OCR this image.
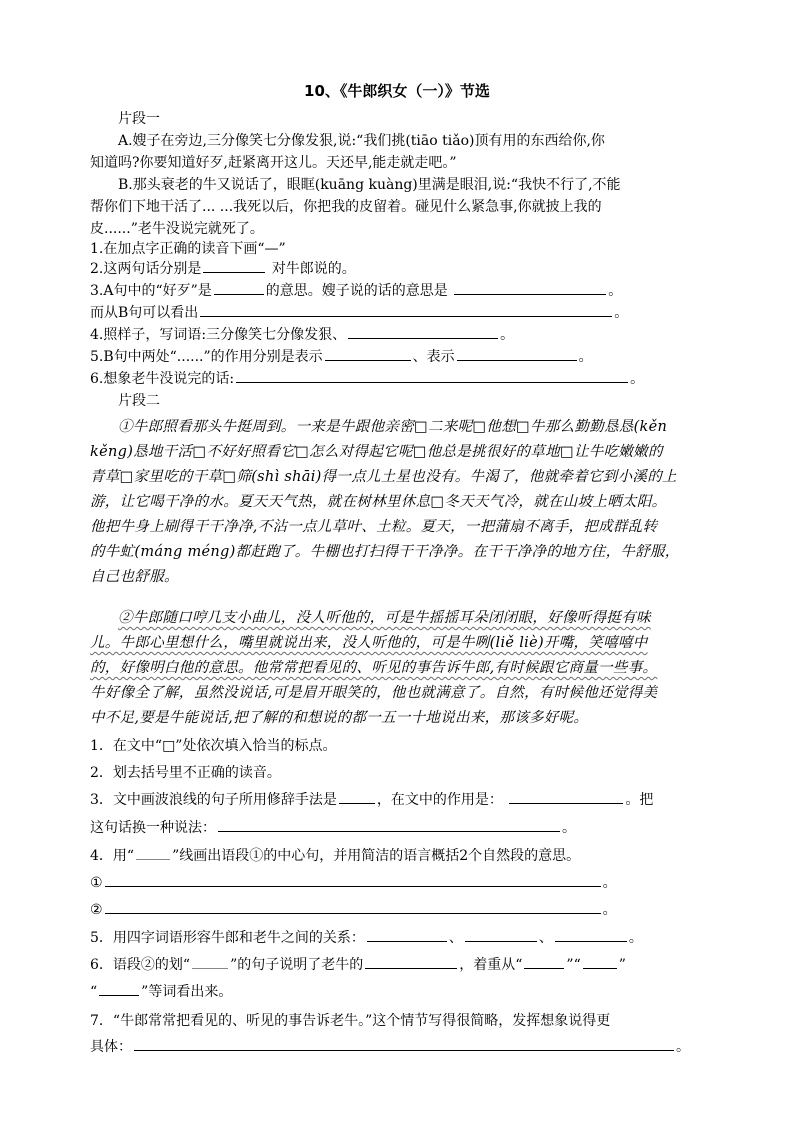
10、《牛郎织女（一）》节选
片段一
A.嫂子在旁边,三分像笑七分像发狠,说:“我们挑(tiāo tiǎo)顶有用的东西给你,你
知道吗?你要知道好歹,赶紧离开这儿。天还早,能走就走吧。”
B.那头衰老的牛又说话了，眼眶(kuāng kuàng)里满是眼泪,说:“我快不行了,不能
帮你们下地干活了... ...我死以后，你把我的皮留着。碰见什么紧急事,你就披上我的
皮......”老牛没说完就死了。
1.在加点字正确的读音下画“—”
2.这两句话分别是	对牛郎说的。
3.A句中的“好歹”是	的意思。嫂子说的话的意思是	。
而从B句可以看出	。
4.照样子，写词语:三分像笑七分像发狠、	。
5.B句中两处“......”的作用分别是表示	、表示	。
6.想象老牛没说完的话:	。
片段二
①牛郎照看那头牛挺周到。一来是牛跟他亲密□二来呢□他想□牛那么勤勤恳恳(kěn
kěng)恳地干活□不好好照看它□怎么对得起它呢□他总是挑很好的草地□让牛吃嫩嫩的
青草□家里吃的干草□筛(shì shāi)得一点儿土星也没有。牛渴了，他就牵着它到小溪的上
游，让它喝干净的水。夏天天气热，就在树林里休息□冬天天气冷，就在山坡上晒太阳。
他把牛身上刷得干干净净,不沾一点儿草叶、土粒。夏天，一把蒲扇不离手，把成群乱转
的牛虻(máng méng)都赶跑了。牛棚也打扫得干干净净。在干干净净的地方住，牛舒服，
自己也舒服。
②牛郎随口哼几支小曲儿，没人听他的，可是牛摇摇耳朵闭闭眼，好像听得挺有味
儿。牛郎心里想什么，嘴里就说出来，没人听他的，可是牛咧(liě liè)开嘴，笑嘻嘻中
的，好像明白他的意思。他常常把看见的、听见的事告诉牛郎,有时候跟它商量一些事。
牛好像全了解，虽然没说话,可是眉开眼笑的，他也就满意了。自然，有时候他还觉得美
中不足,要是牛能说话,把了解的和想说的都一五一十地说出来，那该多好呢。
1．在文中“□”处依次填入恰当的标点。
2．划去括号里不正确的读音。
3．文中画波浪线的句子所用修辞手法是	，在文中的作用是：	。把
这句话换一种说法：	。
4．用“	”线画出语段①的中心句，并用简洁的语言概括2个自然段的意思。
①	。
②	。
5．用四字词语形容牛郎和老牛之间的关系：	、	、	。
6．语段②的划“	”的句子说明了老牛的	，着重从“	”“	”
“	”等词看出来。
7．“牛郎常常把看见的、听见的事告诉老牛。”这个情节写得很简略，发挥想象说得更
具体：	。
